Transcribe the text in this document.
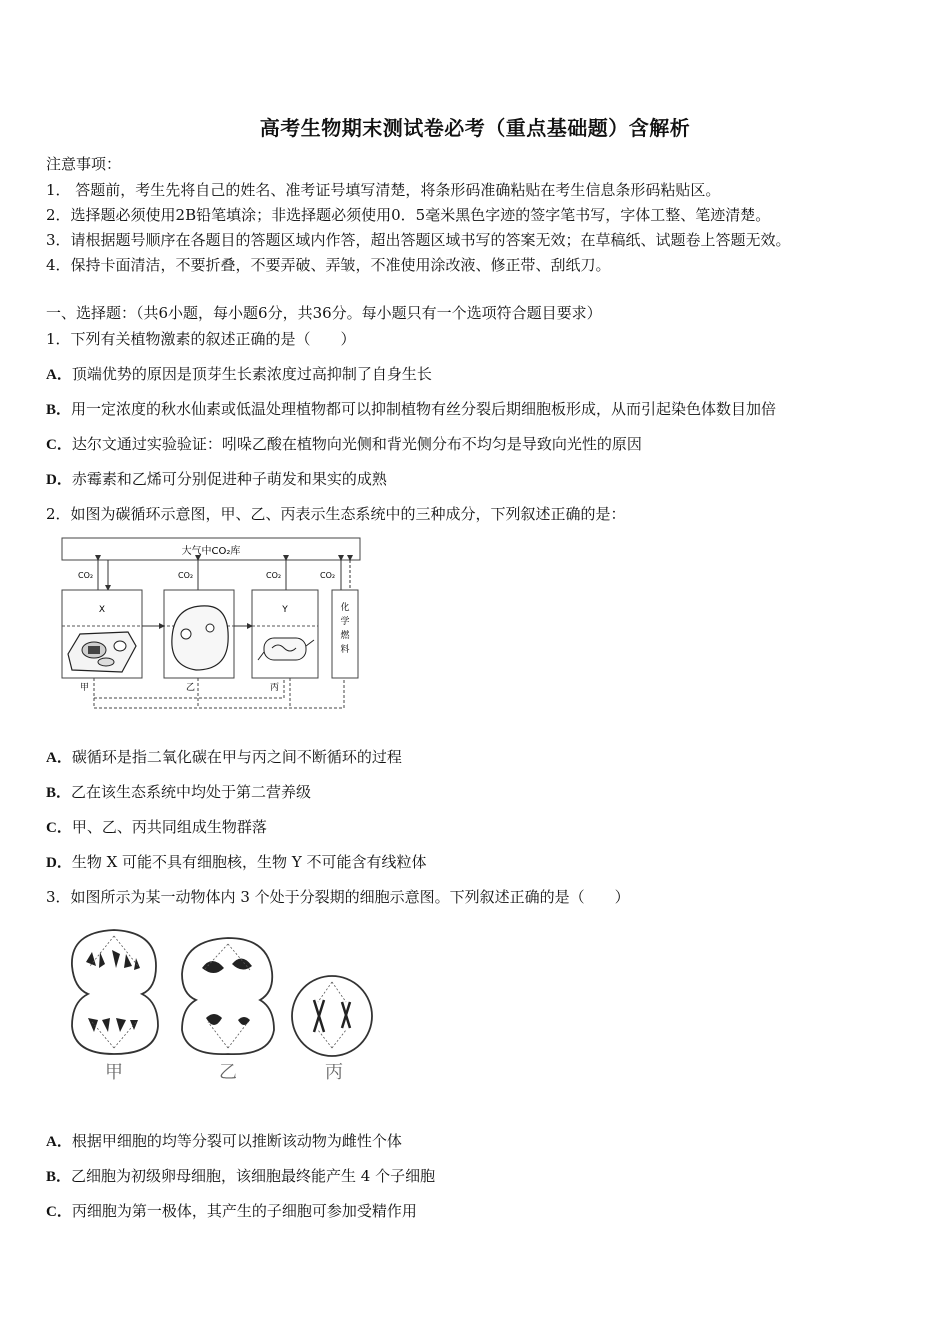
高考生物期末测试卷必考（重点基础题）含解析
注意事项：
1． 答题前，考生先将自己的姓名、准考证号填写清楚，将条形码准确粘贴在考生信息条形码粘贴区。
2．选择题必须使用2B铅笔填涂；非选择题必须使用0．5毫米黑色字迹的签字笔书写，字体工整、笔迹清楚。
3．请根据题号顺序在各题目的答题区域内作答，超出答题区域书写的答案无效；在草稿纸、试题卷上答题无效。
4．保持卡面清洁，不要折叠，不要弄破、弄皱，不准使用涂改液、修正带、刮纸刀。
一、选择题：（共6小题，每小题6分，共36分。每小题只有一个选项符合题目要求）
1．下列有关植物激素的叙述正确的是（　　）
A．顶端优势的原因是顶芽生长素浓度过高抑制了自身生长
B．用一定浓度的秋水仙素或低温处理植物都可以抑制植物有丝分裂后期细胞板形成，从而引起染色体数目加倍
C．达尔文通过实验验证：吲哚乙酸在植物向光侧和背光侧分布不均匀是导致向光性的原因
D．赤霉素和乙烯可分别促进种子萌发和果实的成熟
2．如图为碳循环示意图，甲、乙、丙表示生态系统中的三种成分，下列叙述正确的是：
大气中CO₂库
CO₂	CO₂	CO₂	CO₂
X	Y	化
学
燃
料
甲	乙	丙
A．碳循环是指二氧化碳在甲与丙之间不断循环的过程
B．乙在该生态系统中均处于第二营养级
C．甲、乙、丙共同组成生物群落
D．生物 X 可能不具有细胞核，生物 Y 不可能含有线粒体
3．如图所示为某一动物体内 3 个处于分裂期的细胞示意图。下列叙述正确的是（　　）
甲	乙	丙
A．根据甲细胞的均等分裂可以推断该动物为雌性个体
B．乙细胞为初级卵母细胞，该细胞最终能产生 4 个子细胞
C．丙细胞为第一极体，其产生的子细胞可参加受精作用
